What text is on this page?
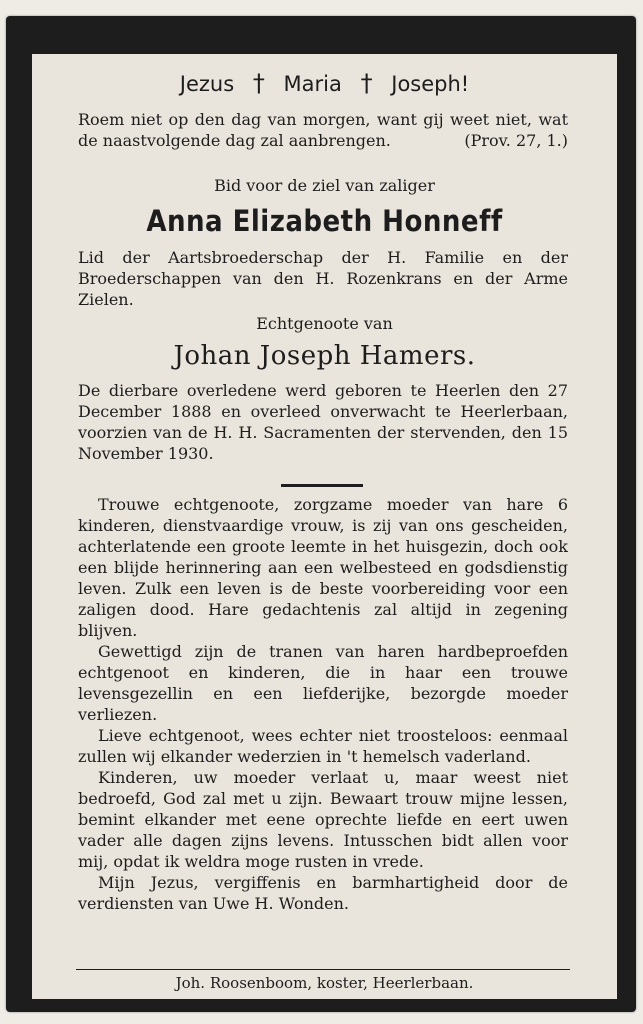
Jezus † Maria † Joseph!
Roem niet op den dag van morgen, want gij weet niet, wat de naastvolgende dag zal aanbrengen.	(Prov. 27, 1.)
Bid voor de ziel van zaliger
Anna Elizabeth Honneff
Lid der Aartsbroederschap der H. Familie en der Broederschappen van den H. Rozenkrans en der Arme Zielen.
Echtgenoote van
Johan Joseph Hamers.
De dierbare overledene werd geboren te Heerlen den 27 December 1888 en overleed onverwacht te Heerlerbaan, voorzien van de H. H. Sacramenten der stervenden, den 15 November 1930.

Trouwe echtgenoote, zorgzame moeder van hare 6 kinderen, dienstvaardige vrouw, is zij van ons gescheiden, achterlatende een groote leemte in het huisgezin, doch ook een blijde herinnering aan een welbesteed en godsdienstig leven. Zulk een leven is de beste voorbereiding voor een zaligen dood. Hare gedachtenis zal altijd in zegening blijven.

Gewettigd zijn de tranen van haren hardbeproefden echtgenoot en kinderen, die in haar een trouwe levensgezellin en een liefderijke, bezorgde moeder verliezen.

Lieve echtgenoot, wees echter niet troosteloos: eenmaal zullen wij elkander wederzien in 't hemelsch vaderland.

Kinderen, uw moeder verlaat u, maar weest niet bedroefd, God zal met u zijn. Bewaart trouw mijne lessen, bemint elkander met eene oprechte liefde en eert uwen vader alle dagen zijns levens. Intusschen bidt allen voor mij, opdat ik weldra moge rusten in vrede.

Mijn Jezus, vergiffenis en barmhartigheid door de verdiensten van Uwe H. Wonden.

Joh. Roosenboom, koster, Heerlerbaan.
